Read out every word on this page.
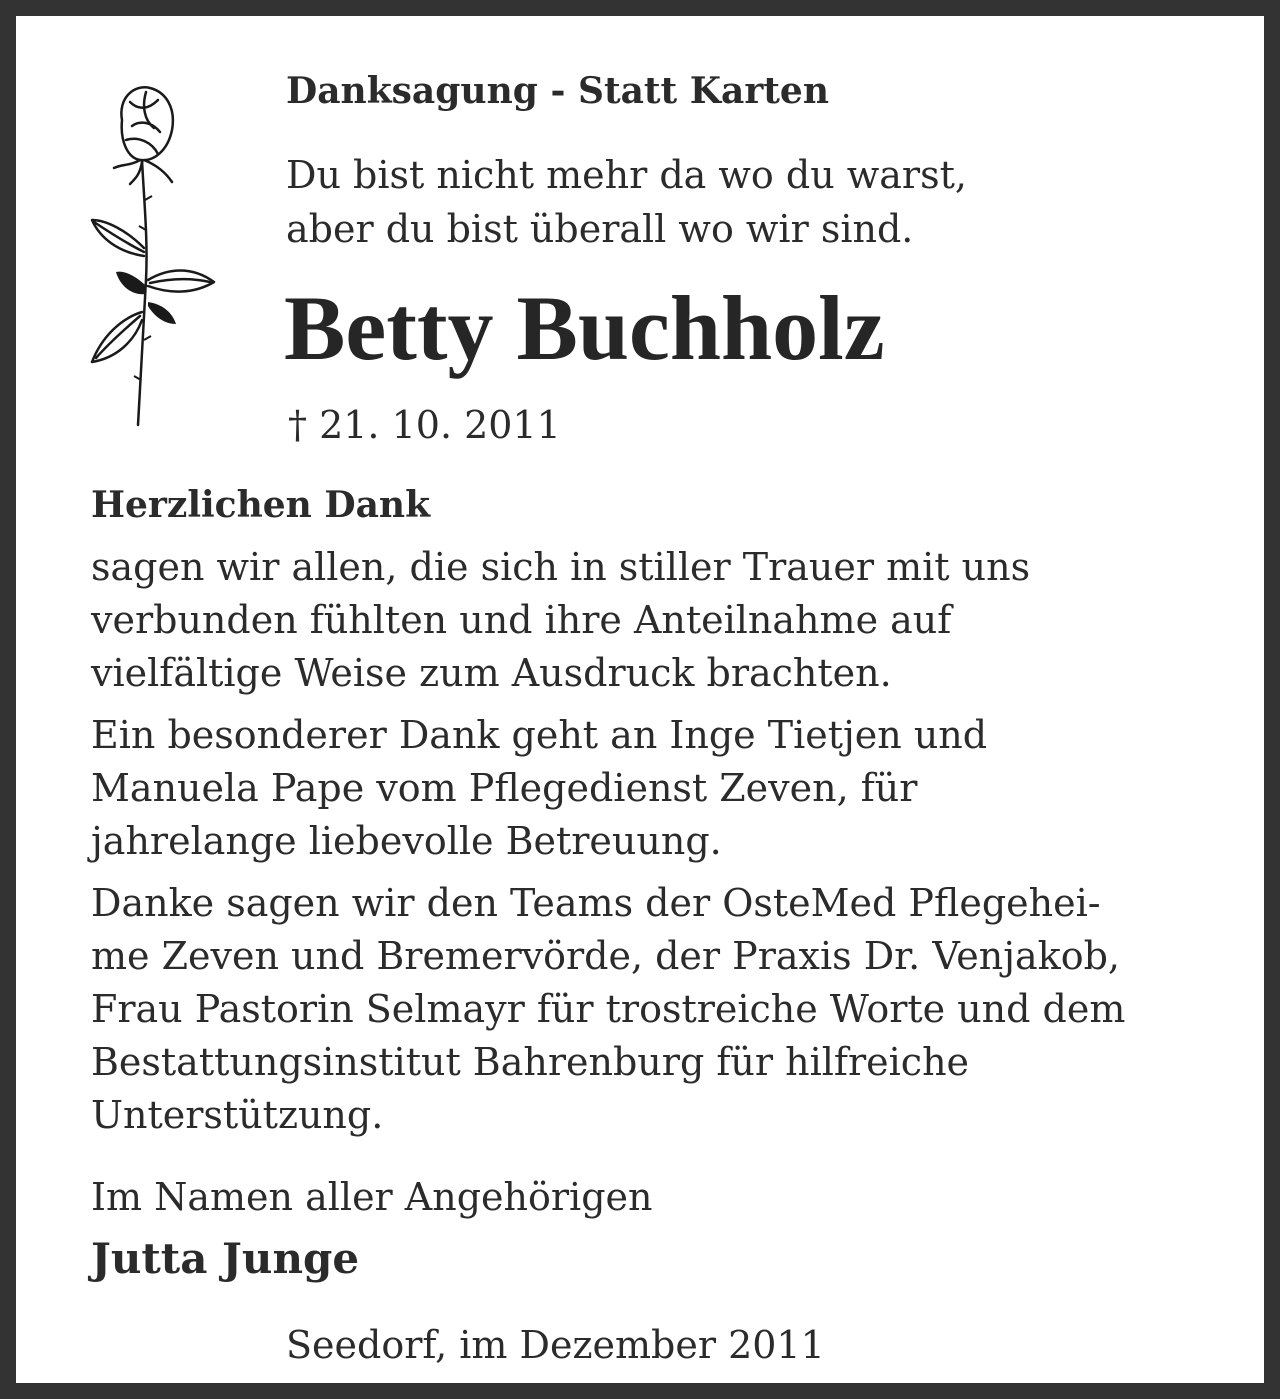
Danksagung - Statt Karten

Du bist nicht mehr da wo du warst,
aber du bist überall wo wir sind.

Betty Buchholz

† 21. 10. 2011

Herzlichen Dank

sagen wir allen, die sich in stiller Trauer mit uns
verbunden fühlten und ihre Anteilnahme auf
vielfältige Weise zum Ausdruck brachten.
Ein besonderer Dank geht an Inge Tietjen und
Manuela Pape vom Pflegedienst Zeven, für
jahrelange liebevolle Betreuung.
Danke sagen wir den Teams der OsteMed Pflegehei-
me Zeven und Bremervörde, der Praxis Dr. Venjakob,
Frau Pastorin Selmayr für trostreiche Worte und dem
Bestattungsinstitut Bahrenburg für hilfreiche
Unterstützung.

Im Namen aller Angehörigen

Jutta Junge

Seedorf, im Dezember 2011
